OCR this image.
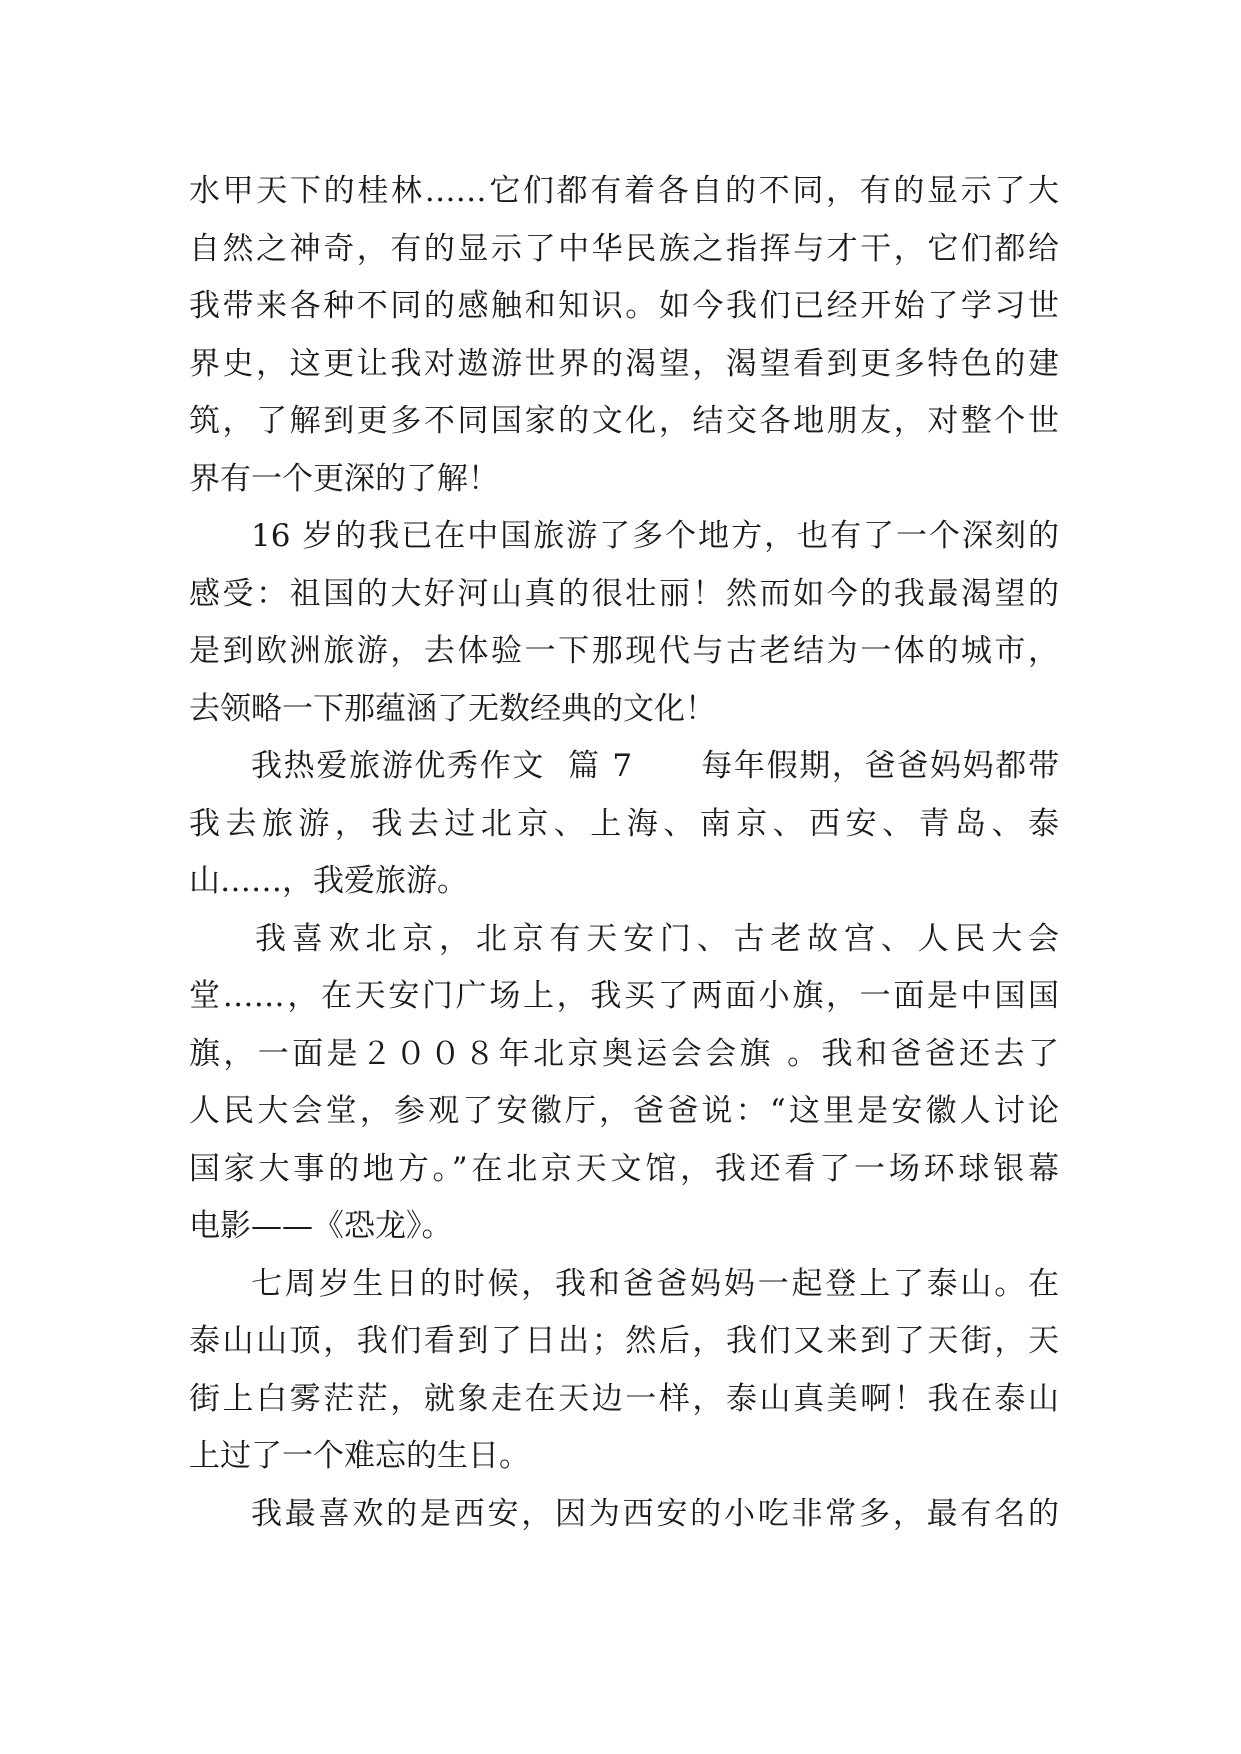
水甲天下的桂林……它们都有着各自的不同，有的显示了大
自然之神奇，有的显示了中华民族之指挥与才干，它们都给
我带来各种不同的感触和知识。如今我们已经开始了学习世
界史，这更让我对遨游世界的渴望，渴望看到更多特色的建
筑，了解到更多不同国家的文化，结交各地朋友，对整个世
界有一个更深的了解！
16 岁的我已在中国旅游了多个地方，也有了一个深刻的
感受：祖国的大好河山真的很壮丽！然而如今的我最渴望的
是到欧洲旅游，去体验一下那现代与古老结为一体的城市，
去领略一下那蕴涵了无数经典的文化！
我热爱旅游优秀作文  篇 7      每年假期，爸爸妈妈都带
我去旅游，我去过北京、上海、南京、西安、青岛、泰
山……，我爱旅游。
我喜欢北京，北京有天安门、古老故宫、人民大会
堂……，在天安门广场上，我买了两面小旗，一面是中国国
旗，一面是２００８年北京奥运会会旗 。我和爸爸还去了
人民大会堂，参观了安徽厅，爸爸说：“这里是安徽人讨论
国家大事的地方。”在北京天文馆，我还看了一场环球银幕
电影——《恐龙》。
七周岁生日的时候，我和爸爸妈妈一起登上了泰山。在
泰山山顶，我们看到了日出；然后，我们又来到了天街，天
街上白雾茫茫，就象走在天边一样，泰山真美啊！我在泰山
上过了一个难忘的生日。
我最喜欢的是西安，因为西安的小吃非常多，最有名的
